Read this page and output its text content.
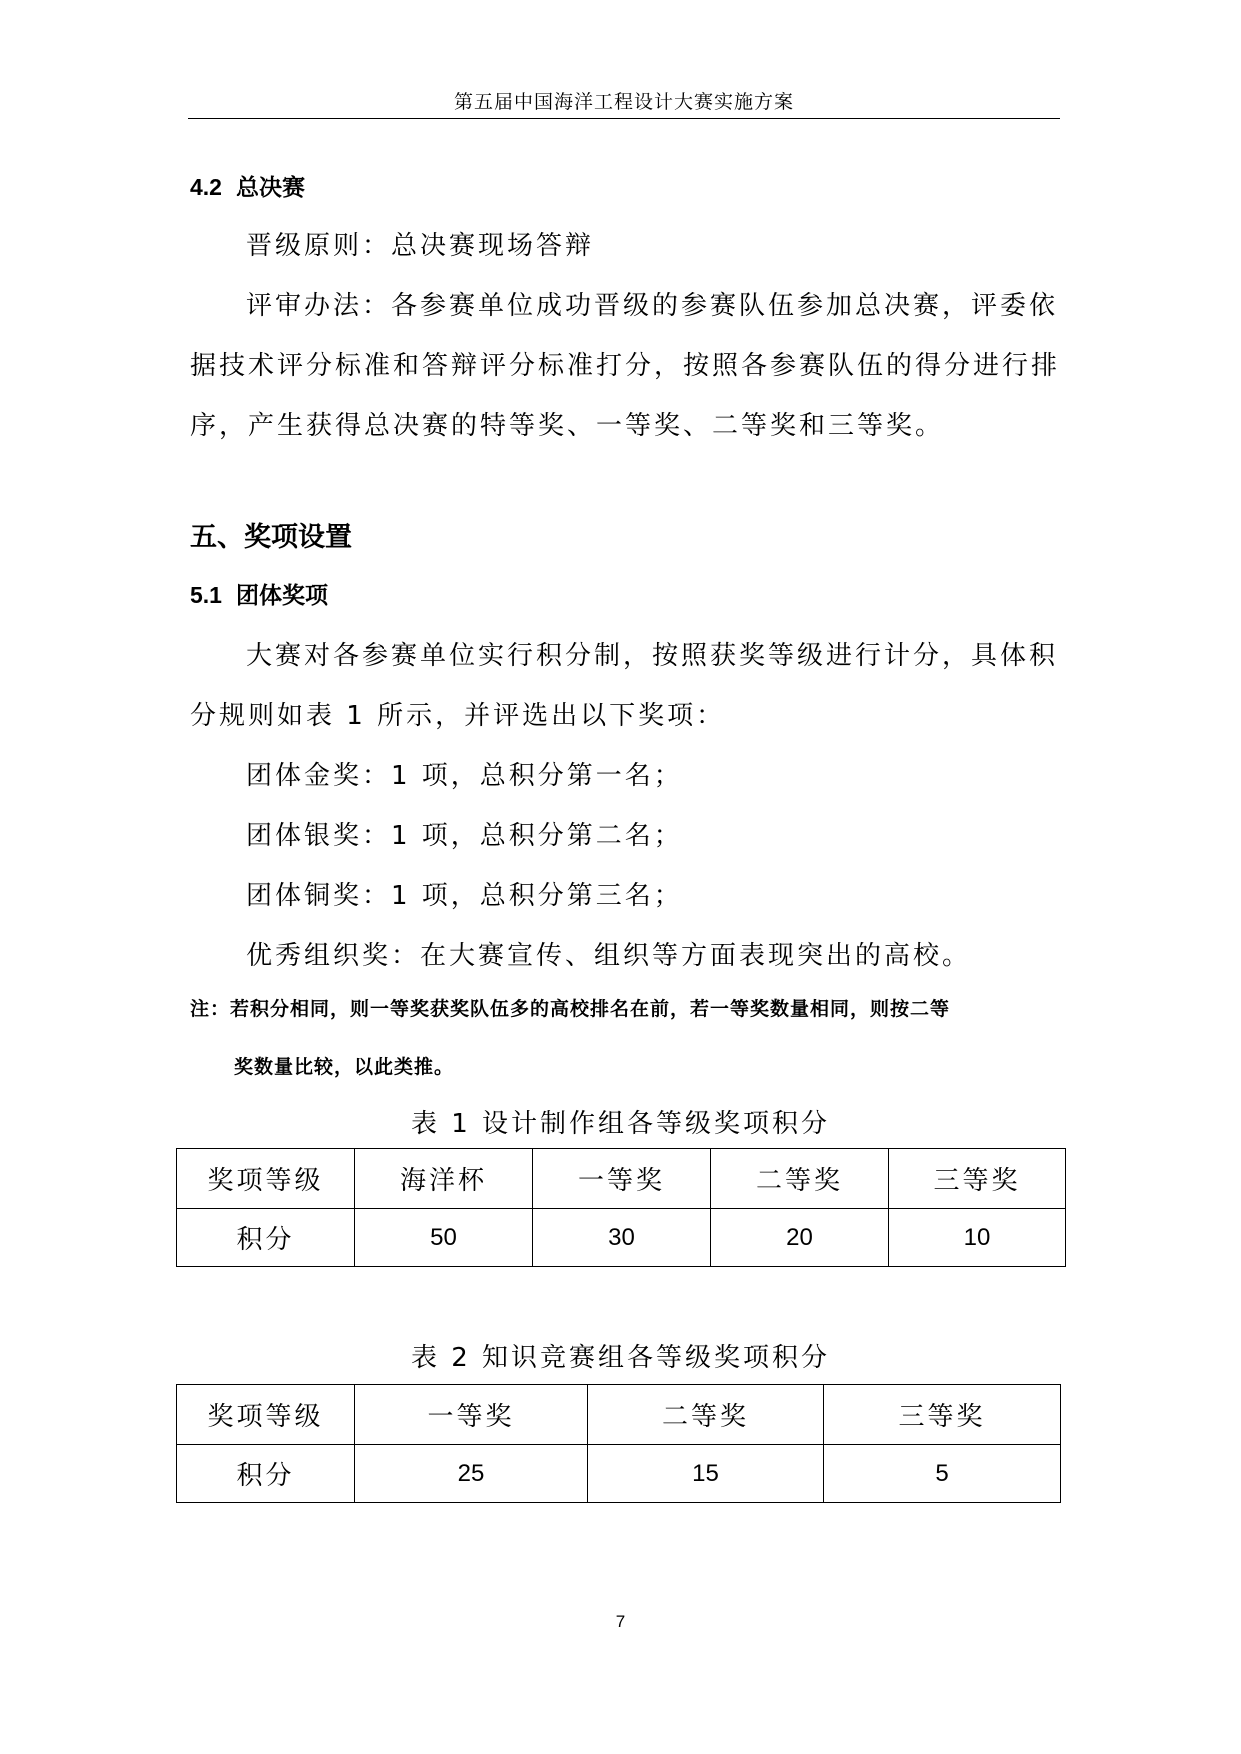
第五届中国海洋工程设计大赛实施方案
4.2 总决赛
晋级原则：总决赛现场答辩
评审办法：各参赛单位成功晋级的参赛队伍参加总决赛，评委依
据技术评分标准和答辩评分标准打分，按照各参赛队伍的得分进行排
序，产生获得总决赛的特等奖、一等奖、二等奖和三等奖。
五、奖项设置
5.1 团体奖项
大赛对各参赛单位实行积分制，按照获奖等级进行计分，具体积
分规则如表 1 所示，并评选出以下奖项：
团体金奖：1 项，总积分第一名；
团体银奖：1 项，总积分第二名；
团体铜奖：1 项，总积分第三名；
优秀组织奖：在大赛宣传、组织等方面表现突出的高校。
注：若积分相同，则一等奖获奖队伍多的高校排名在前，若一等奖数量相同，则按二等
奖数量比较，以此类推。
表 1 设计制作组各等级奖项积分
奖项等级	海洋杯	一等奖	二等奖	三等奖
积分	50	30	20	10
表 2 知识竞赛组各等级奖项积分
奖项等级	一等奖	二等奖	三等奖
积分	25	15	5
7
